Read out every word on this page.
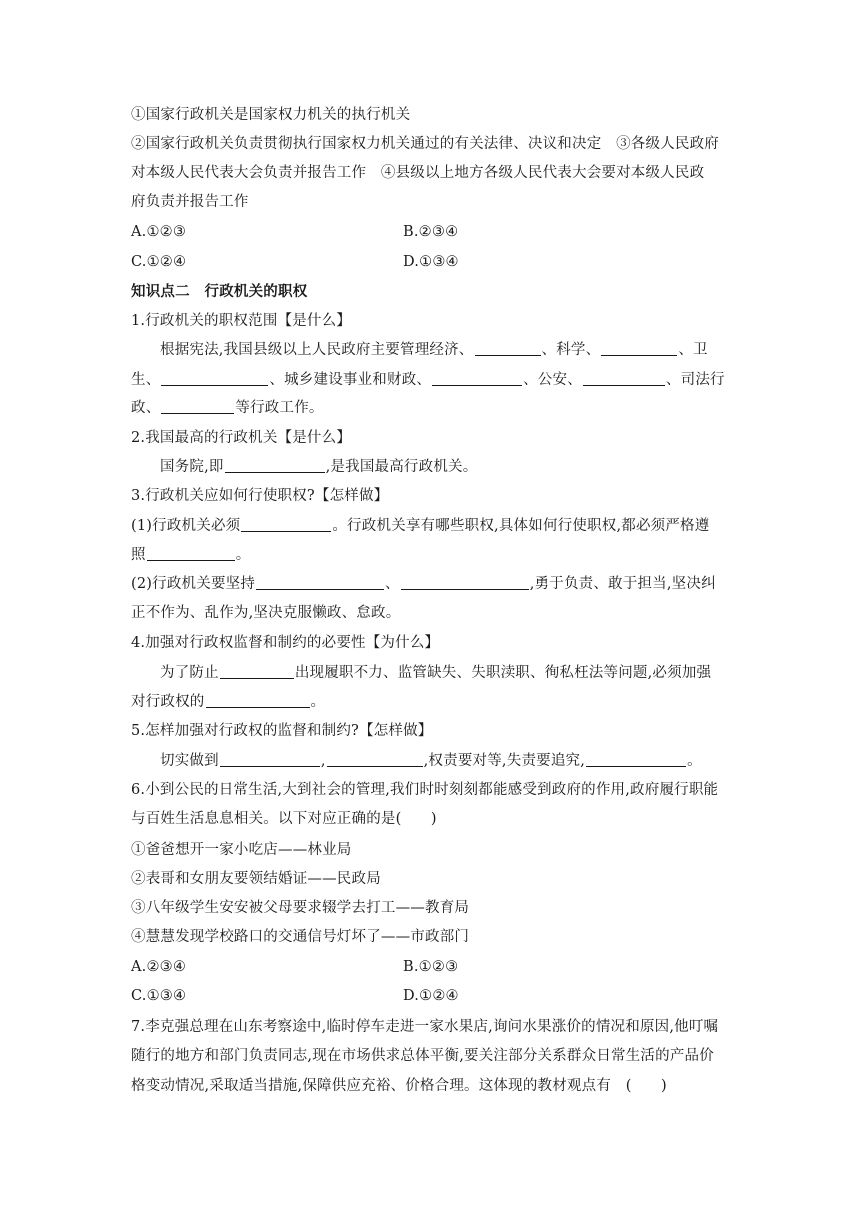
①国家行政机关是国家权力机关的执行机关
②国家行政机关负责贯彻执行国家权力机关通过的有关法律、决议和决定　③各级人民政府
对本级人民代表大会负责并报告工作　④县级以上地方各级人民代表大会要对本级人民政
府负责并报告工作
A.①②③	B.②③④
C.①②④	D.①③④
知识点二　行政机关的职权
1.行政机关的职权范围【是什么】
根据宪法,我国县级以上人民政府主要管理经济、	、科学、	、卫
生、	、城乡建设事业和财政、	、公安、	、司法行
政、	等行政工作。
2.我国最高的行政机关【是什么】
国务院,即	,是我国最高行政机关。
3.行政机关应如何行使职权?【怎样做】
(1)行政机关必须	。行政机关享有哪些职权,具体如何行使职权,都必须严格遵
照	。
(2)行政机关要坚持	、	,勇于负责、敢于担当,坚决纠
正不作为、乱作为,坚决克服懒政、怠政。
4.加强对行政权监督和制约的必要性【为什么】
为了防止	出现履职不力、监管缺失、失职渎职、徇私枉法等问题,必须加强
对行政权的	。
5.怎样加强对行政权的监督和制约?【怎样做】
切实做到	,	,权责要对等,失责要追究,	。
6.小到公民的日常生活,大到社会的管理,我们时时刻刻都能感受到政府的作用,政府履行职能
与百姓生活息息相关。以下对应正确的是(　　)
①爸爸想开一家小吃店——林业局
②表哥和女朋友要领结婚证——民政局
③八年级学生安安被父母要求辍学去打工——教育局
④慧慧发现学校路口的交通信号灯坏了——市政部门
A.②③④	B.①②③
C.①③④	D.①②④
7.李克强总理在山东考察途中,临时停车走进一家水果店,询问水果涨价的情况和原因,他叮嘱
随行的地方和部门负责同志,现在市场供求总体平衡,要关注部分关系群众日常生活的产品价
格变动情况,采取适当措施,保障供应充裕、价格合理。这体现的教材观点有　(　　)
